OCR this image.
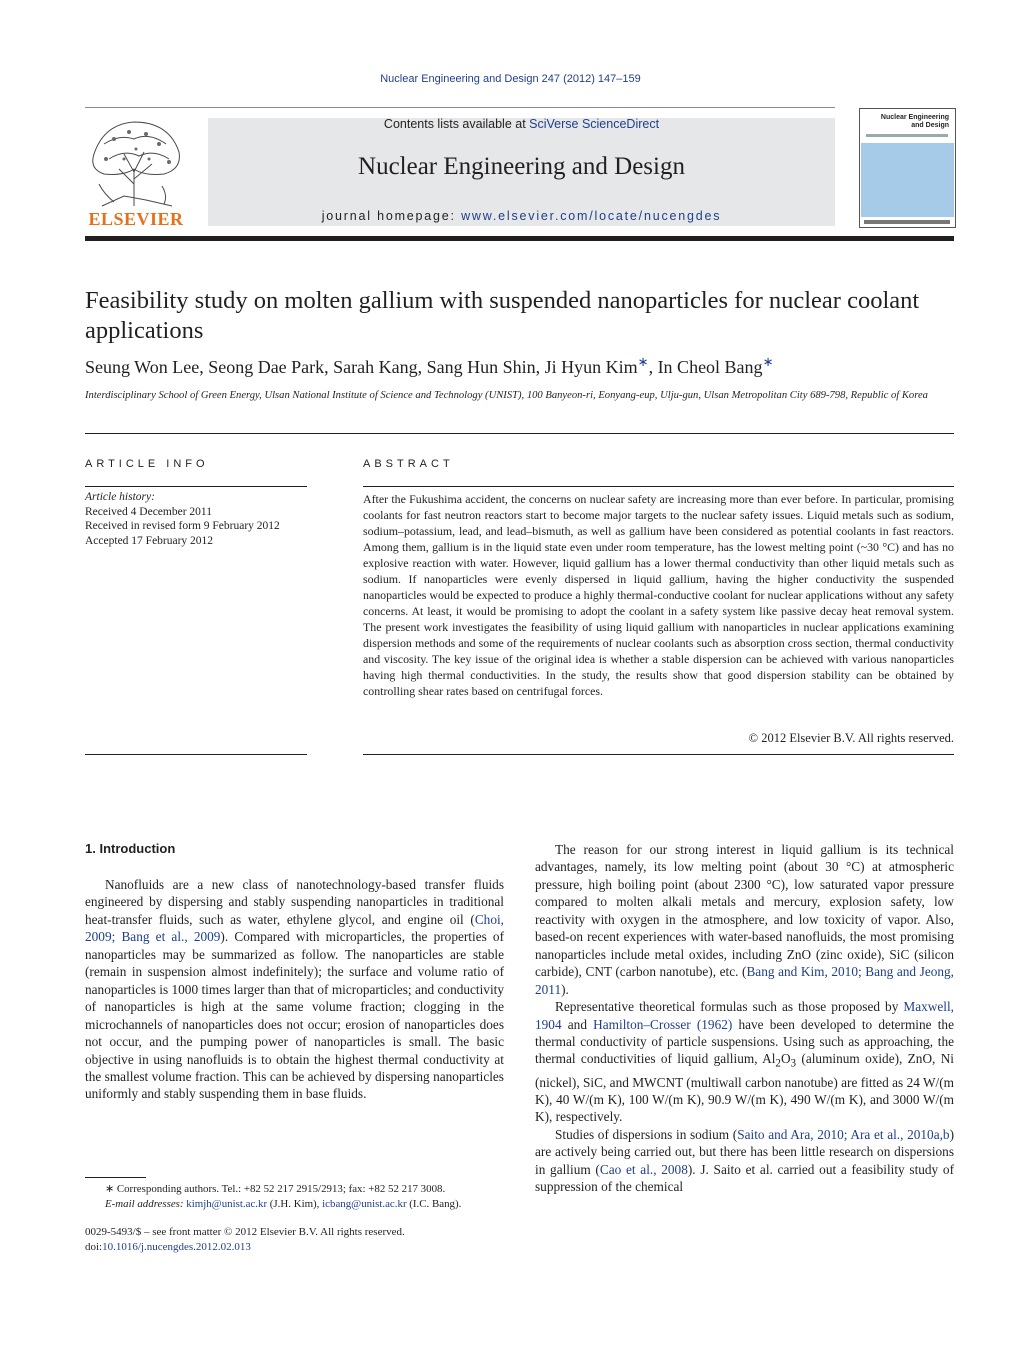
Nuclear Engineering and Design 247 (2012) 147–159
ELSEVIER
Contents lists available at SciVerse ScienceDirect
Nuclear Engineering and Design
journal homepage: www.elsevier.com/locate/nucengdes
Nuclear Engineering
and Design
Feasibility study on molten gallium with suspended nanoparticles for nuclear coolant applications
Seung Won Lee, Seong Dae Park, Sarah Kang, Sang Hun Shin, Ji Hyun Kim∗, In Cheol Bang∗
Interdisciplinary School of Green Energy, Ulsan National Institute of Science and Technology (UNIST), 100 Banyeon-ri, Eonyang-eup, Ulju-gun, Ulsan Metropolitan City 689-798, Republic of Korea
ARTICLE INFO
Article history:
Received 4 December 2011
Received in revised form 9 February 2012
Accepted 17 February 2012
ABSTRACT
After the Fukushima accident, the concerns on nuclear safety are increasing more than ever before. In particular, promising coolants for fast neutron reactors start to become major targets to the nuclear safety issues. Liquid metals such as sodium, sodium–potassium, lead, and lead–bismuth, as well as gallium have been considered as potential coolants in fast reactors. Among them, gallium is in the liquid state even under room temperature, has the lowest melting point (~30 °C) and has no explosive reaction with water. However, liquid gallium has a lower thermal conductivity than other liquid metals such as sodium. If nanoparticles were evenly dispersed in liquid gallium, having the higher conductivity the suspended nanoparticles would be expected to produce a highly thermal-conductive coolant for nuclear applications without any safety concerns. At least, it would be promising to adopt the coolant in a safety system like passive decay heat removal system. The present work investigates the feasibility of using liquid gallium with nanoparticles in nuclear applications examining dispersion methods and some of the requirements of nuclear coolants such as absorption cross section, thermal conductivity and viscosity. The key issue of the original idea is whether a stable dispersion can be achieved with various nanoparticles having high thermal conductivities. In the study, the results show that good dispersion stability can be obtained by controlling shear rates based on centrifugal forces.
© 2012 Elsevier B.V. All rights reserved.
1. Introduction

Nanofluids are a new class of nanotechnology-based transfer fluids engineered by dispersing and stably suspending nanoparticles in traditional heat-transfer fluids, such as water, ethylene glycol, and engine oil (Choi, 2009; Bang et al., 2009). Compared with microparticles, the properties of nanoparticles may be summarized as follow. The nanoparticles are stable (remain in suspension almost indefinitely); the surface and volume ratio of nanoparticles is 1000 times larger than that of microparticles; and conductivity of nanoparticles is high at the same volume fraction; clogging in the microchannels of nanoparticles does not occur; erosion of nanoparticles does not occur, and the pumping power of nanoparticles is small. The basic objective in using nanofluids is to obtain the highest thermal conductivity at the smallest volume fraction. This can be achieved by dispersing nanoparticles uniformly and stably suspending them in base fluids.

The reason for our strong interest in liquid gallium is its technical advantages, namely, its low melting point (about 30 °C) at atmospheric pressure, high boiling point (about 2300 °C), low saturated vapor pressure compared to molten alkali metals and mercury, explosion safety, low reactivity with oxygen in the atmosphere, and low toxicity of vapor. Also, based-on recent experiences with water-based nanofluids, the most promising nanoparticles include metal oxides, including ZnO (zinc oxide), SiC (silicon carbide), CNT (carbon nanotube), etc. (Bang and Kim, 2010; Bang and Jeong, 2011).

Representative theoretical formulas such as those proposed by Maxwell, 1904 and Hamilton–Crosser (1962) have been developed to determine the thermal conductivity of particle suspensions. Using such as approaching, the thermal conductivities of liquid gallium, $Al_2O_3$ (aluminum oxide), ZnO, Ni (nickel), SiC, and MWCNT (multiwall carbon nanotube) are fitted as 24 W/(m K), 40 W/(m K), 100 W/(m K), 90.9 W/(m K), 490 W/(m K), and 3000 W/(m K), respectively.

Studies of dispersions in sodium (Saito and Ara, 2010; Ara et al., 2010a,b) are actively being carried out, but there has been little research on dispersions in gallium (Cao et al., 2008). J. Saito et al. carried out a feasibility study of suppression of the chemical

∗ Corresponding authors. Tel.: +82 52 217 2915/2913; fax: +82 52 217 3008.
E-mail addresses: kimjh@unist.ac.kr (J.H. Kim), icbang@unist.ac.kr (I.C. Bang).
0029-5493/$ – see front matter © 2012 Elsevier B.V. All rights reserved.
doi:10.1016/j.nucengdes.2012.02.013
